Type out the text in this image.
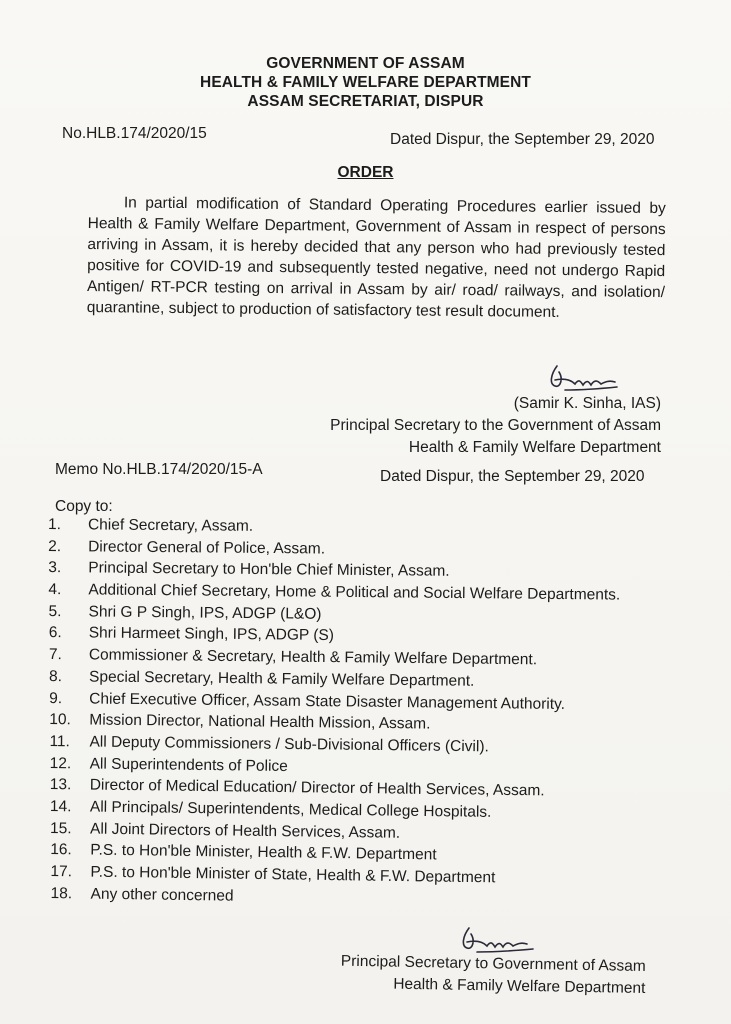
GOVERNMENT OF ASSAM
HEALTH & FAMILY WELFARE DEPARTMENT
ASSAM SECRETARIAT, DISPUR
No.HLB.174/2020/15	Dated Dispur, the September 29, 2020
ORDER
In partial modification of Standard Operating Procedures earlier issued by Health & Family Welfare Department, Government of Assam in respect of persons arriving in Assam, it is hereby decided that any person who had previously tested positive for COVID-19 and subsequently tested negative, need not undergo Rapid Antigen/ RT-PCR testing on arrival in Assam by air/ road/ railways, and isolation/ quarantine, subject to production of satisfactory test result document.
(Samir K. Sinha, IAS)
Principal Secretary to the Government of Assam
Health & Family Welfare Department
Memo No.HLB.174/2020/15-A	Dated Dispur, the September 29, 2020
Copy to:
1.	Chief Secretary, Assam.
2.	Director General of Police, Assam.
3.	Principal Secretary to Hon'ble Chief Minister, Assam.
4.	Additional Chief Secretary, Home & Political and Social Welfare Departments.
5.	Shri G P Singh, IPS, ADGP (L&O)
6.	Shri Harmeet Singh, IPS, ADGP (S)
7.	Commissioner & Secretary, Health & Family Welfare Department.
8.	Special Secretary, Health & Family Welfare Department.
9.	Chief Executive Officer, Assam State Disaster Management Authority.
10.	Mission Director, National Health Mission, Assam.
11.	All Deputy Commissioners / Sub-Divisional Officers (Civil).
12.	All Superintendents of Police
13.	Director of Medical Education/ Director of Health Services, Assam.
14.	All Principals/ Superintendents, Medical College Hospitals.
15.	All Joint Directors of Health Services, Assam.
16.	P.S. to Hon'ble Minister, Health & F.W. Department
17.	P.S. to Hon'ble Minister of State, Health & F.W. Department
18.	Any other concerned
Principal Secretary to Government of Assam
Health & Family Welfare Department
